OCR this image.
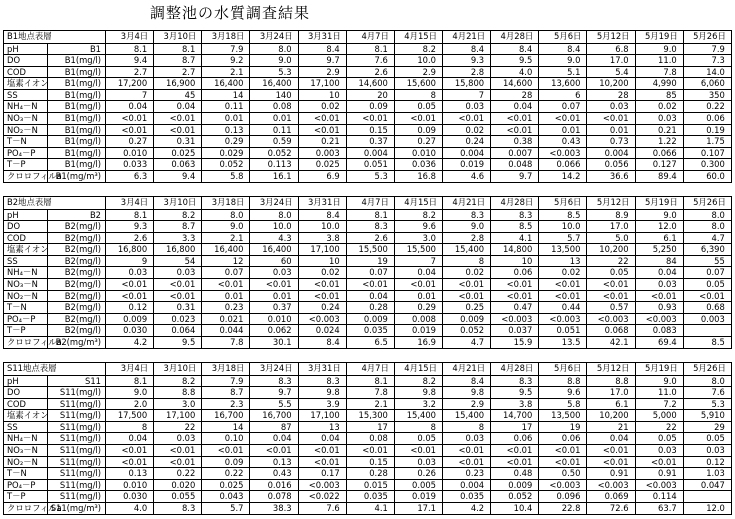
調整池の水質調査結果
B1地点表層		3月4日	3月10日	3月18日	3月24日	3月31日	4月7日	4月15日	4月21日	4月28日	5月6日	5月12日	5月19日	5月26日
pH	B1	8.1	8.1	7.9	8.0	8.4	8.1	8.2	8.4	8.4	8.4	6.8	9.0	7.9
DO	B1(mg/l)	9.4	8.7	9.2	9.0	9.7	7.6	10.0	9.3	9.5	9.0	17.0	11.0	7.3
COD	B1(mg/l)	2.7	2.7	2.1	5.3	2.9	2.6	2.9	2.8	4.0	5.1	5.4	7.8	14.0
塩素イオン	B1(mg/l)	17,200	16,900	16,400	16,400	17,100	14,600	15,600	15,800	14,600	13,600	10,200	4,990	6,060
SS	B1(mg/l)	7	45	14	140	10	20	8	7	28	6	28	85	350
NH₄－N	B1(mg/l)	0.04	0.04	0.11	0.08	0.02	0.09	0.05	0.03	0.04	0.07	0.03	0.02	0.22
NO₃－N	B1(mg/l)	<0.01	<0.01	0.01	0.01	<0.01	<0.01	<0.01	<0.01	<0.01	<0.01	<0.01	0.03	0.06
NO₂－N	B1(mg/l)	<0.01	<0.01	0.13	0.11	<0.01	0.15	0.09	0.02	<0.01	0.01	0.01	0.21	0.19
T－N	B1(mg/l)	0.27	0.31	0.29	0.59	0.21	0.37	0.27	0.24	0.38	0.43	0.73	1.22	1.75
PO₄－P	B1(mg/l)	0.010	0.025	0.029	0.052	0.003	0.004	0.010	0.004	0.007	<0.003	0.004	0.066	0.107
T－P	B1(mg/l)	0.033	0.063	0.052	0.113	0.025	0.051	0.036	0.019	0.048	0.066	0.056	0.127	0.300
クロロフィルa	B1(mg/m³)	6.3	9.4	5.8	16.1	6.9	5.3	16.8	4.6	9.7	14.2	36.6	89.4	60.0
B2地点表層		3月4日	3月10日	3月18日	3月24日	3月31日	4月7日	4月15日	4月21日	4月28日	5月6日	5月12日	5月19日	5月26日
pH	B2	8.1	8.2	8.0	8.0	8.4	8.1	8.2	8.3	8.3	8.5	8.9	9.0	8.0
DO	B2(mg/l)	9.3	8.7	9.0	10.0	10.0	8.3	9.6	9.0	8.5	10.0	17.0	12.0	8.0
COD	B2(mg/l)	2.6	3.3	2.1	4.3	3.8	2.6	3.0	2.8	4.1	5.7	5.0	6.1	4.7
塩素イオン	B2(mg/l)	16,800	16,800	16,400	16,400	17,100	15,500	15,500	15,400	14,800	13,500	10,200	5,250	6,390
SS	B2(mg/l)	9	54	12	60	10	19	7	8	10	13	22	84	55
NH₄－N	B2(mg/l)	0.03	0.03	0.07	0.03	0.02	0.07	0.04	0.02	0.06	0.02	0.05	0.04	0.07
NO₃－N	B2(mg/l)	<0.01	<0.01	<0.01	<0.01	<0.01	<0.01	<0.01	<0.01	<0.01	<0.01	<0.01	0.03	0.05
NO₂－N	B2(mg/l)	<0.01	<0.01	0.01	0.01	<0.01	0.04	0.01	<0.01	<0.01	<0.01	<0.01	<0.01	<0.01
T－N	B2(mg/l)	0.12	0.31	0.23	0.37	0.24	0.28	0.29	0.25	0.47	0.44	0.57	0.93	0.68
PO₄－P	B2(mg/l)	0.009	0.023	0.021	0.010	<0.003	0.009	0.008	0.009	<0.003	<0.003	<0.003	<0.003	0.003
T－P	B2(mg/l)	0.030	0.064	0.044	0.062	0.024	0.035	0.019	0.052	0.037	0.051	0.068	0.083	
クロロフィルa	B2(mg/m³)	4.2	9.5	7.8	30.1	8.4	6.5	16.9	4.7	15.9	13.5	42.1	69.4	8.5
S11地点表層		3月4日	3月10日	3月18日	3月24日	3月31日	4月7日	4月15日	4月21日	4月28日	5月6日	5月12日	5月19日	5月26日
pH	S11	8.1	8.2	7.9	8.3	8.3	8.1	8.2	8.4	8.3	8.8	8.8	9.0	8.0
DO	S11(mg/l)	9.0	8.8	8.7	9.7	9.8	7.8	9.8	9.8	9.5	9.6	17.0	11.0	7.6
COD	S11(mg/l)	2.0	3.0	2.3	5.5	3.9	2.1	3.2	2.9	3.8	5.8	6.1	7.2	5.3
塩素イオン	S11(mg/l)	17,500	17,100	16,700	16,700	17,100	15,300	15,400	15,400	14,700	13,500	10,200	5,000	5,910
SS	S11(mg/l)	8	22	14	87	13	17	8	8	17	19	21	22	29
NH₄－N	S11(mg/l)	0.04	0.03	0.10	0.04	0.04	0.08	0.05	0.03	0.06	0.06	0.04	0.05	0.05
NO₃－N	S11(mg/l)	<0.01	<0.01	<0.01	<0.01	<0.01	<0.01	<0.01	<0.01	<0.01	<0.01	<0.01	0.03	0.03
NO₂－N	S11(mg/l)	<0.01	<0.01	0.09	0.13	<0.01	0.15	0.03	<0.01	<0.01	<0.01	<0.01	<0.01	0.12
T－N	S11(mg/l)	0.13	0.22	0.22	0.43	0.17	0.28	0.26	0.23	0.48	0.50	0.91	0.91	1.03
PO₄－P	S11(mg/l)	0.010	0.020	0.025	0.016	<0.003	0.015	0.005	0.004	0.009	<0.003	<0.003	<0.003	0.047
T－P	S11(mg/l)	0.030	0.055	0.043	0.078	<0.022	0.035	0.019	0.035	0.052	0.096	0.069	0.114	
クロロフィルa	S11(mg/m³)	4.0	8.3	5.7	38.3	7.6	4.1	17.1	4.2	10.4	22.8	72.6	63.7	12.0
